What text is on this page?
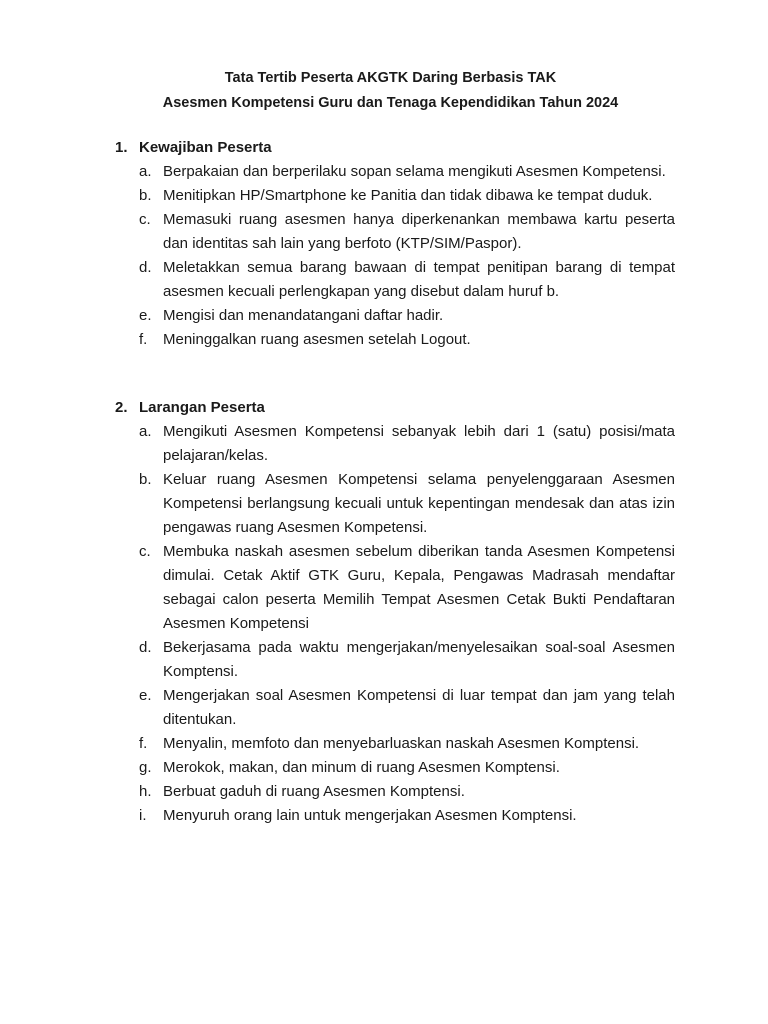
Tata Tertib Peserta AKGTK Daring Berbasis TAK
Asesmen Kompetensi Guru dan Tenaga Kependidikan Tahun 2024
1. Kewajiban Peserta
a. Berpakaian dan berperilaku sopan selama mengikuti Asesmen Kompetensi.
b. Menitipkan HP/Smartphone ke Panitia dan tidak dibawa ke tempat duduk.
c. Memasuki ruang asesmen hanya diperkenankan membawa kartu peserta dan identitas sah lain yang berfoto (KTP/SIM/Paspor).
d. Meletakkan semua barang bawaan di tempat penitipan barang di tempat asesmen kecuali perlengkapan yang disebut dalam huruf b.
e. Mengisi dan menandatangani daftar hadir.
f.	Meninggalkan ruang asesmen setelah Logout.
2. Larangan Peserta
a. Mengikuti Asesmen Kompetensi sebanyak lebih dari 1 (satu) posisi/mata pelajaran/kelas.
b. Keluar ruang Asesmen Kompetensi selama penyelenggaraan Asesmen Kompetensi berlangsung kecuali untuk kepentingan mendesak dan atas izin pengawas ruang Asesmen Kompetensi.
c. Membuka naskah asesmen sebelum diberikan tanda Asesmen Kompetensi dimulai. Cetak Aktif GTK Guru, Kepala, Pengawas Madrasah mendaftar sebagai calon peserta Memilih Tempat Asesmen Cetak Bukti Pendaftaran Asesmen Kompetensi
d. Bekerjasama pada waktu mengerjakan/menyelesaikan soal-soal Asesmen Komptensi.
e. Mengerjakan soal Asesmen Kompetensi di luar tempat dan jam yang telah ditentukan.
f.	Menyalin, memfoto dan menyebarluaskan naskah Asesmen Komptensi.
g. Merokok, makan, dan minum di ruang Asesmen Komptensi.
h. Berbuat gaduh di ruang Asesmen Komptensi.
i.	Menyuruh orang lain untuk mengerjakan Asesmen Komptensi.
